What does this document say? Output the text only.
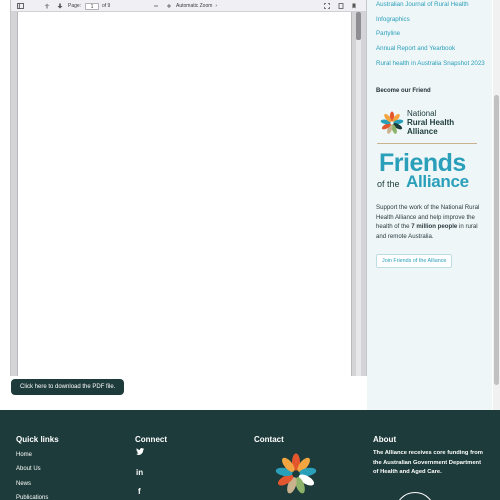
Page:	1	of 9	Automatic Zoom ›
Click here to download the PDF file.
Australian Journal of Rural Health
Infographics
Partyline
Annual Report and Yearbook
Rural health in Australia Snapshot 2023
Become our Friend
National
Rural Health
Alliance
Friends
of the Alliance

Support the work of the National Rural Health Alliance and help improve the health of the 7 million people in rural and remote Australia.

Join Friends of the Alliance
Quick links
Home
About Us
News
Publications
Connect
in
f
Contact	About

The Alliance receives core funding from the Australian Government Department of Health and Aged Care.
